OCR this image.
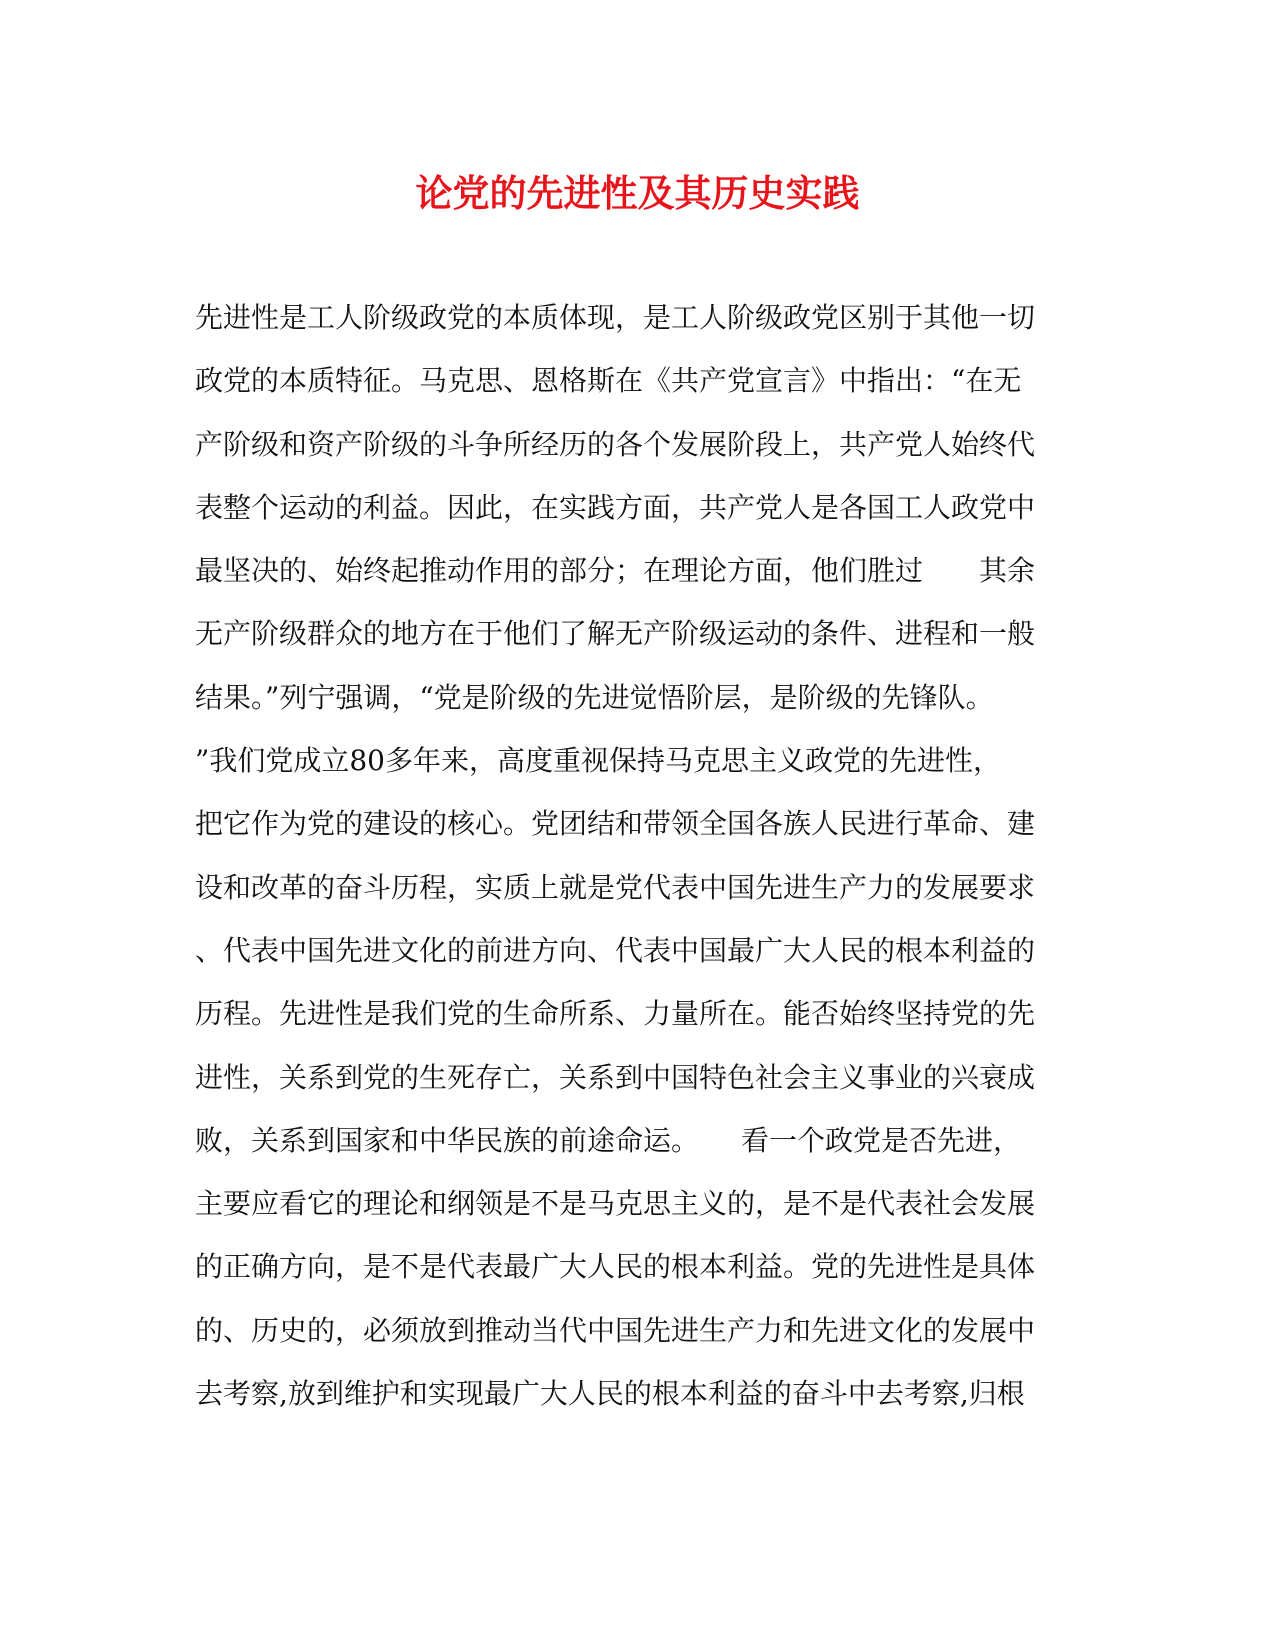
论党的先进性及其历史实践
先进性是工人阶级政党的本质体现，是工人阶级政党区别于其他一切
政党的本质特征。马克思、恩格斯在《共产党宣言》中指出：“在无
产阶级和资产阶级的斗争所经历的各个发展阶段上，共产党人始终代
表整个运动的利益。因此，在实践方面，共产党人是各国工人政党中
最坚决的、始终起推动作用的部分；在理论方面，他们胜过　　其余
无产阶级群众的地方在于他们了解无产阶级运动的条件、进程和一般
结果。”列宁强调，“党是阶级的先进觉悟阶层，是阶级的先锋队。
”我们党成立80多年来，高度重视保持马克思主义政党的先进性，
把它作为党的建设的核心。党团结和带领全国各族人民进行革命、建
设和改革的奋斗历程，实质上就是党代表中国先进生产力的发展要求
、代表中国先进文化的前进方向、代表中国最广大人民的根本利益的
历程。先进性是我们党的生命所系、力量所在。能否始终坚持党的先
进性，关系到党的生死存亡，关系到中国特色社会主义事业的兴衰成
败，关系到国家和中华民族的前途命运。　　看一个政党是否先进，
主要应看它的理论和纲领是不是马克思主义的，是不是代表社会发展
的正确方向，是不是代表最广大人民的根本利益。党的先进性是具体
的、历史的，必须放到推动当代中国先进生产力和先进文化的发展中
去考察,放到维护和实现最广大人民的根本利益的奋斗中去考察,归根
